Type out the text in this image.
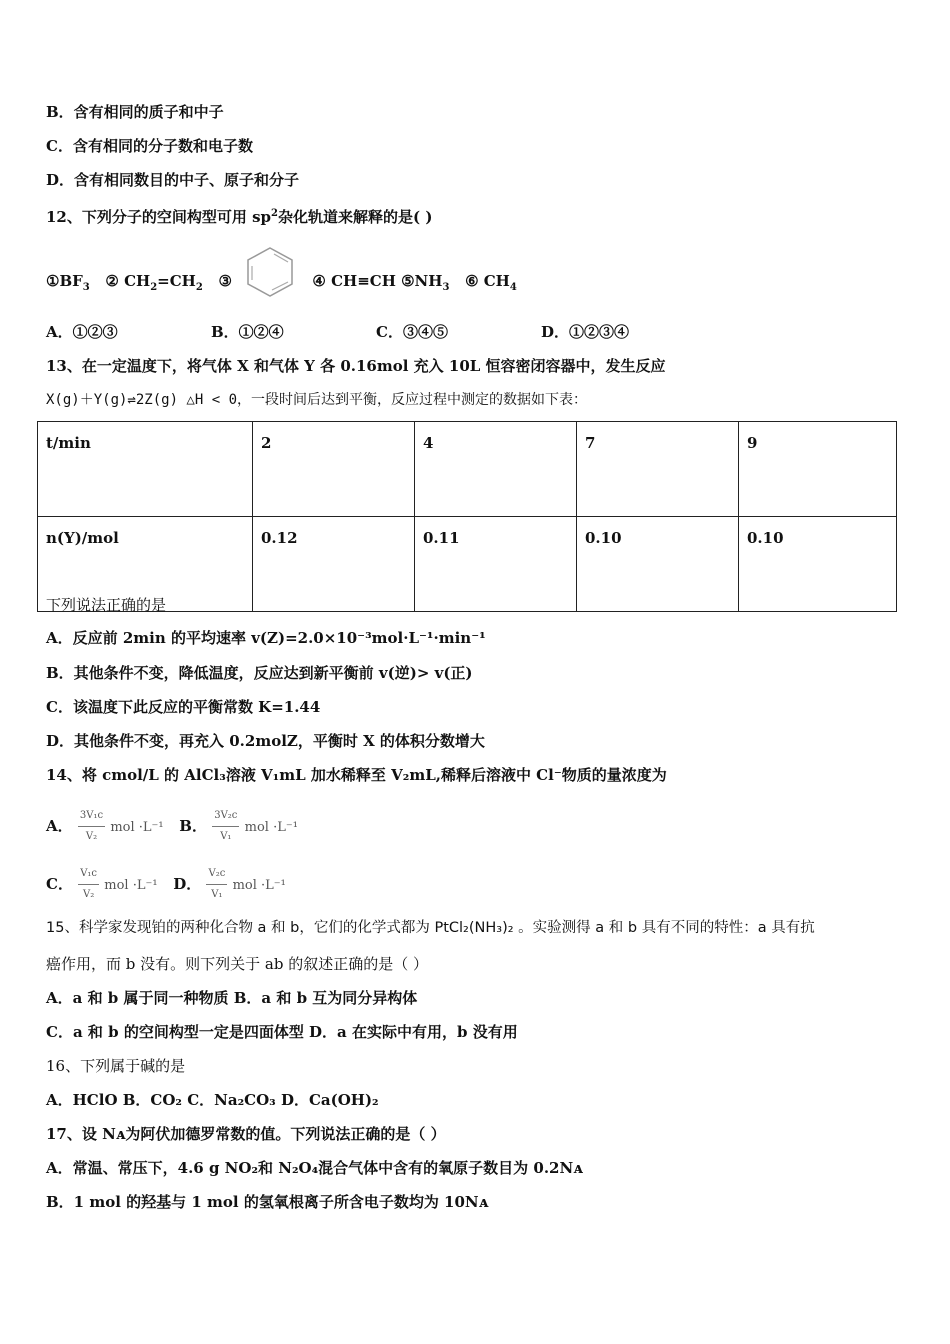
B．含有相同的质子和中子
C．含有相同的分子数和电子数
D．含有相同数目的中子、原子和分子
12、下列分子的空间构型可用 $sp^2$杂化轨道来解释的是( )
$①BF_3$ ② $CH_2=CH_2$ ③	④ CH≡CH $⑤NH_3$ ⑥ $CH_4$
A．①②③	B．①②④	C．③④⑤	D．①②③④
13、在一定温度下，将气体 X 和气体 Y 各 0.16mol 充入 10L 恒容密闭容器中，发生反应
X(g)＋Y(g)⇌2Z(g) △H < 0，一段时间后达到平衡，反应过程中测定的数据如下表：
t/min	2	4	7	9
n(Y)/mol	0.12	0.11	0.10	0.10
下列说法正确的是
A．反应前 2min 的平均速率 v(Z)=2.0×10⁻³mol·L⁻¹·min⁻¹
B．其他条件不变，降低温度，反应达到新平衡前 v(逆)> v(正)
C．该温度下此反应的平衡常数 K=1.44
D．其他条件不变，再充入 0.2molZ，平衡时 X 的体积分数增大
14、将 cmol/L 的 AlCl₃溶液 V₁mL 加水稀释至 V₂mL,稀释后溶液中 Cl⁻物质的量浓度为
A． $\frac{\text{3V₁c}}{\text{V₂}}$ mol ·L⁻¹ B． $\frac{\text{3V₂c}}{\text{V₁}}$ mol ·L⁻¹
C． $\frac{\text{V₁c}}{\text{V₂}}$ mol ·L⁻¹ D． $\frac{\text{V₂c}}{\text{V₁}}$ mol ·L⁻¹
15、科学家发现铂的两种化合物 a 和 b，它们的化学式都为 PtCl₂(NH₃)₂ 。实验测得 a 和 b 具有不同的特性：a 具有抗
癌作用，而 b 没有。则下列关于 ab 的叙述正确的是（ ）
A．a 和 b 属于同一种物质 B．a 和 b 互为同分异构体
C．a 和 b 的空间构型一定是四面体型 D．a 在实际中有用，b 没有用
16、下列属于碱的是
A．HClO B．CO₂ C．Na₂CO₃ D．Ca(OH)₂
17、设 Nᴀ为阿伏加德罗常数的值。下列说法正确的是（ ）
A．常温、常压下，4.6 g NO₂和 N₂O₄混合气体中含有的氧原子数目为 0.2Nᴀ
B．1 mol 的羟基与 1 mol 的氢氧根离子所含电子数均为 10Nᴀ
